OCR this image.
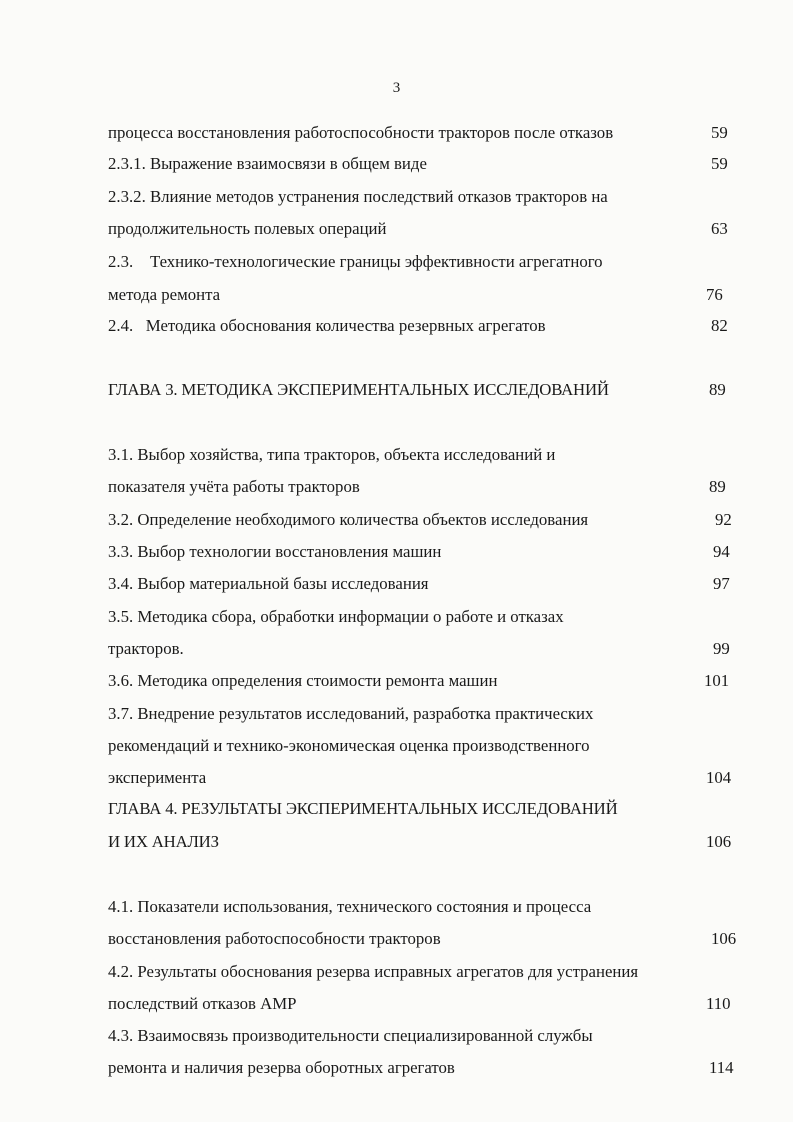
3
процесса восстановления работоспособности тракторов после отказов	59
2.3.1. Выражение взаимосвязи в общем виде	59
2.3.2. Влияние методов устранения последствий отказов тракторов на
продолжительность полевых операций	63
2.3.    Технико-технологические границы эффективности агрегатного
метода ремонта	76
2.4.   Методика обоснования количества резервных агрегатов	82
ГЛАВА 3. МЕТОДИКА ЭКСПЕРИМЕНТАЛЬНЫХ ИССЛЕДОВАНИЙ	89
3.1. Выбор хозяйства, типа тракторов, объекта исследований и
показателя учёта работы тракторов	89
3.2. Определение необходимого количества объектов исследования	92
3.3. Выбор технологии восстановления машин	94
3.4. Выбор материальной базы исследования	97
3.5. Методика сбора, обработки информации о работе и отказах
тракторов.	99
3.6. Методика определения стоимости ремонта машин	101
3.7. Внедрение результатов исследований, разработка практических
рекомендаций и технико-экономическая оценка производственного
эксперимента	104
ГЛАВА 4. РЕЗУЛЬТАТЫ ЭКСПЕРИМЕНТАЛЬНЫХ ИССЛЕДОВАНИЙ
И ИХ АНАЛИЗ	106
4.1. Показатели использования, технического состояния и процесса
восстановления работоспособности тракторов	106
4.2. Результаты обоснования резерва исправных агрегатов для устранения
последствий отказов АМР	110
4.3. Взаимосвязь производительности специализированной службы
ремонта и наличия резерва оборотных агрегатов	114
